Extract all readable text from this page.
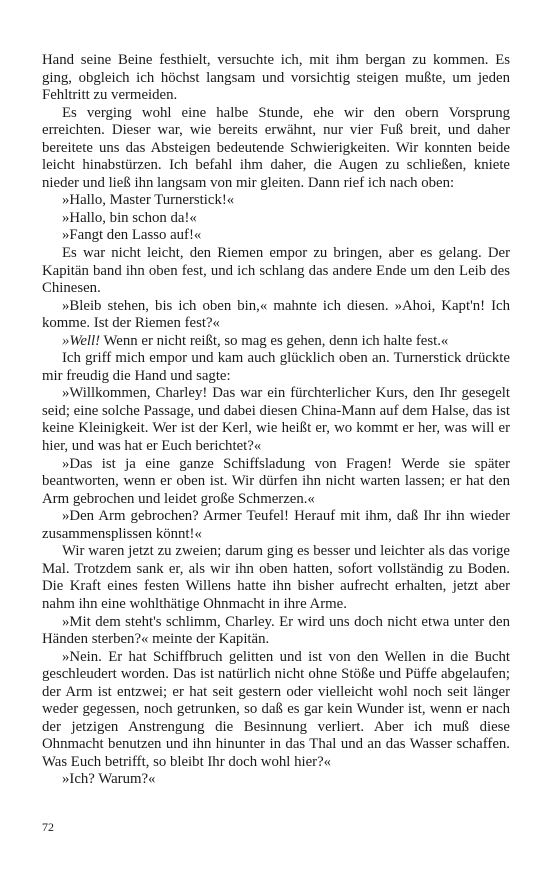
Hand seine Beine festhielt, versuchte ich, mit ihm bergan zu kommen. Es ging, obgleich ich höchst langsam und vorsichtig steigen mußte, um jeden Fehltritt zu vermeiden.

Es verging wohl eine halbe Stunde, ehe wir den obern Vorsprung erreichten. Dieser war, wie bereits erwähnt, nur vier Fuß breit, und daher bereitete uns das Absteigen bedeutende Schwierigkeiten. Wir konnten beide leicht hinabstürzen. Ich befahl ihm daher, die Augen zu schließen, kniete nieder und ließ ihn langsam von mir gleiten. Dann rief ich nach oben:

»Hallo, Master Turnerstick!«

»Hallo, bin schon da!«

»Fangt den Lasso auf!«

Es war nicht leicht, den Riemen empor zu bringen, aber es gelang. Der Kapitän band ihn oben fest, und ich schlang das andere Ende um den Leib des Chinesen.

»Bleib stehen, bis ich oben bin,« mahnte ich diesen. »Ahoi, Kapt'n! Ich komme. Ist der Riemen fest?«

»Well! Wenn er nicht reißt, so mag es gehen, denn ich halte fest.«

Ich griff mich empor und kam auch glücklich oben an. Turnerstick drückte mir freudig die Hand und sagte:

»Willkommen, Charley! Das war ein fürchterlicher Kurs, den Ihr gesegelt seid; eine solche Passage, und dabei diesen China-Mann auf dem Halse, das ist keine Kleinigkeit. Wer ist der Kerl, wie heißt er, wo kommt er her, was will er hier, und was hat er Euch berichtet?«

»Das ist ja eine ganze Schiffsladung von Fragen! Werde sie später beantworten, wenn er oben ist. Wir dürfen ihn nicht warten lassen; er hat den Arm gebrochen und leidet große Schmerzen.«

»Den Arm gebrochen? Armer Teufel! Herauf mit ihm, daß Ihr ihn wieder zusammensplissen könnt!«

Wir waren jetzt zu zweien; darum ging es besser und leichter als das vorige Mal. Trotzdem sank er, als wir ihn oben hatten, sofort vollständig zu Boden. Die Kraft eines festen Willens hatte ihn bisher aufrecht erhalten, jetzt aber nahm ihn eine wohlthätige Ohnmacht in ihre Arme.

»Mit dem steht's schlimm, Charley. Er wird uns doch nicht etwa unter den Händen sterben?« meinte der Kapitän.

»Nein. Er hat Schiffbruch gelitten und ist von den Wellen in die Bucht geschleudert worden. Das ist natürlich nicht ohne Stöße und Püffe abgelaufen; der Arm ist entzwei; er hat seit gestern oder vielleicht wohl noch seit länger weder gegessen, noch getrunken, so daß es gar kein Wunder ist, wenn er nach der jetzigen Anstrengung die Besinnung verliert. Aber ich muß diese Ohnmacht benutzen und ihn hinunter in das Thal und an das Wasser schaffen. Was Euch betrifft, so bleibt Ihr doch wohl hier?«

»Ich? Warum?«

72
